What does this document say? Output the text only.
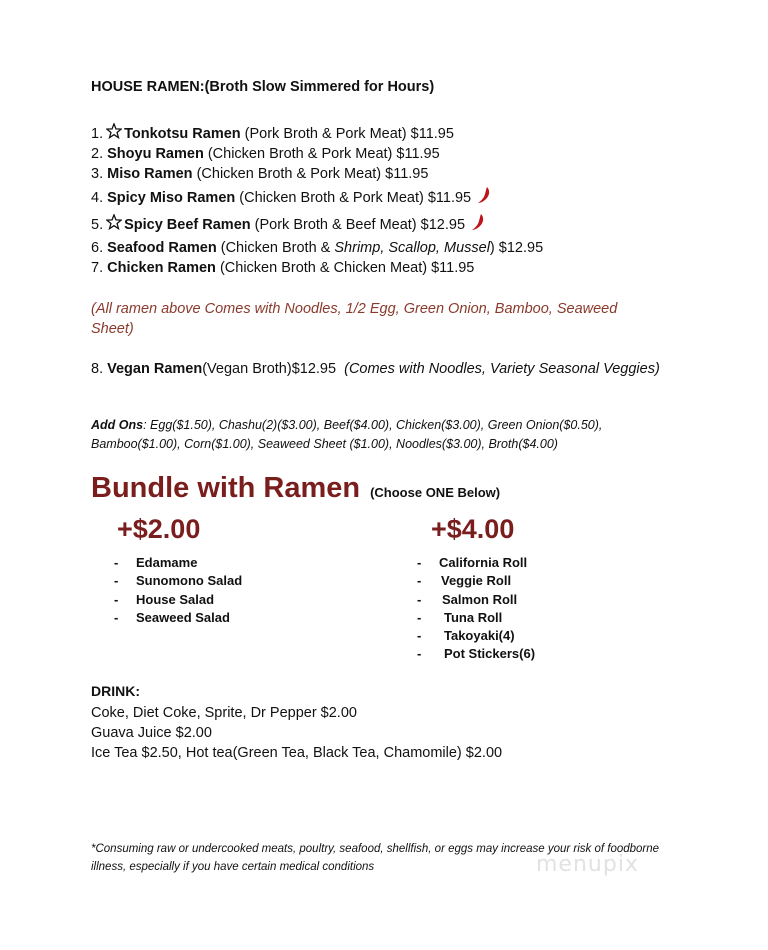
HOUSE RAMEN:(Broth Slow Simmered for Hours)
1. Tonkotsu Ramen (Pork Broth & Pork Meat) $11.95
2.
Shoyu Ramen (Chicken Broth & Pork Meat) $11.95
3.
Miso Ramen (Chicken Broth & Pork Meat) $11.95
4.
Spicy Miso Ramen (Chicken Broth & Pork Meat) $11.95
5. Spicy Beef Ramen (Pork Broth & Beef Meat) $12.95
6.
Seafood Ramen (Chicken Broth & Shrimp, Scallop, Mussel ) $12.95
7.
Chicken Ramen (Chicken Broth & Chicken Meat) $11.95
(All ramen above Comes with Noodles, 1/2 Egg, Green Onion, Bamboo, Seaweed Sheet)
8. Vegan Ramen(Vegan Broth)$12.95  (Comes with Noodles, Variety Seasonal Veggies)
Add Ons: Egg($1.50), Chashu(2)($3.00), Beef($4.00), Chicken($3.00), Green Onion($0.50), Bamboo($1.00), Corn($1.00), Seaweed Sheet ($1.00), Noodles($3.00), Broth($4.00)
Bundle with Ramen (Choose ONE Below)
+$2.00	+$4.00
-	Edamame
-	Sunomono Salad
-	House Salad
-	Seaweed Salad
-	California Roll
-	Veggie Roll
-	Salmon Roll
-	Tuna Roll
-	Takoyaki(4)
-	Pot Stickers(6)
DRINK:
Coke, Diet Coke, Sprite, Dr Pepper $2.00
Guava Juice $2.00
Ice Tea $2.50, Hot tea(Green Tea, Black Tea, Chamomile) $2.00
*Consuming raw or undercooked meats, poultry, seafood, shellfish, or eggs may increase your risk of foodborne illness, especially if you have certain medical conditions	menupix
